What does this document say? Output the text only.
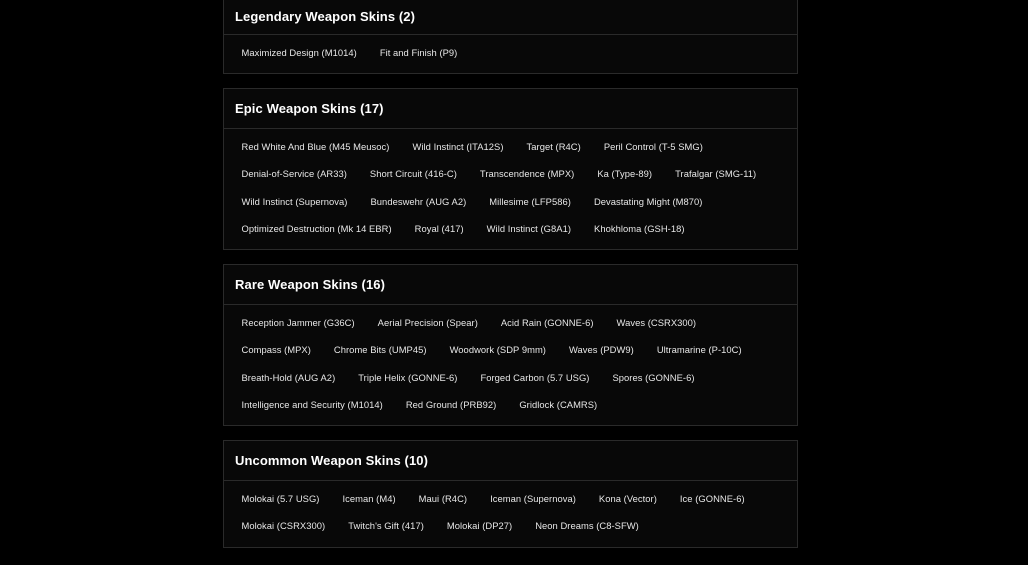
Legendary Weapon Skins (2)
Maximized Design (M1014)	Fit and Finish (P9)
Epic Weapon Skins (17)
Red White And Blue (M45 Meusoc)	Wild Instinct (ITA12S)	Target (R4C)	Peril Control (T-5 SMG)
Denial-of-Service (AR33)	Short Circuit (416-C)	Transcendence (MPX)	Ka (Type-89)	Trafalgar (SMG-11)
Wild Instinct (Supernova)	Bundeswehr (AUG A2)	Millesime (LFP586)	Devastating Might (M870)
Optimized Destruction (Mk 14 EBR)	Royal (417)	Wild Instinct (G8A1)	Khokhloma (GSH-18)
Rare Weapon Skins (16)
Reception Jammer (G36C)	Aerial Precision (Spear)	Acid Rain (GONNE-6)	Waves (CSRX300)
Compass (MPX)	Chrome Bits (UMP45)	Woodwork (SDP 9mm)	Waves (PDW9)	Ultramarine (P-10C)
Breath-Hold (AUG A2)	Triple Helix (GONNE-6)	Forged Carbon (5.7 USG)	Spores (GONNE-6)
Intelligence and Security (M1014)	Red Ground (PRB92)	Gridlock (CAMRS)
Uncommon Weapon Skins (10)
Molokai (5.7 USG)	Iceman (M4)	Maui (R4C)	Iceman (Supernova)	Kona (Vector)	Ice (GONNE-6)
Molokai (CSRX300)	Twitch's Gift (417)	Molokai (DP27)	Neon Dreams (C8-SFW)
